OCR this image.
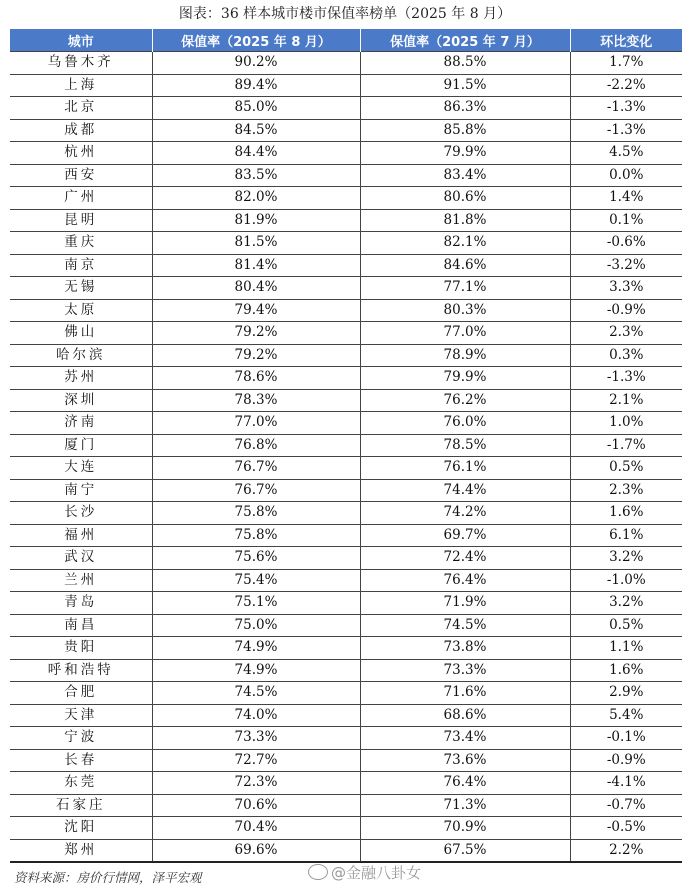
图表：36 样本城市楼市保值率榜单（2025 年 8 月）
城市	保值率（2025 年 8 月）	保值率（2025 年 7 月）	环比变化
乌鲁木齐	90.2%	88.5%	1.7%
上海	89.4%	91.5%	-2.2%
北京	85.0%	86.3%	-1.3%
成都	84.5%	85.8%	-1.3%
杭州	84.4%	79.9%	4.5%
西安	83.5%	83.4%	0.0%
广州	82.0%	80.6%	1.4%
昆明	81.9%	81.8%	0.1%
重庆	81.5%	82.1%	-0.6%
南京	81.4%	84.6%	-3.2%
无锡	80.4%	77.1%	3.3%
太原	79.4%	80.3%	-0.9%
佛山	79.2%	77.0%	2.3%
哈尔滨	79.2%	78.9%	0.3%
苏州	78.6%	79.9%	-1.3%
深圳	78.3%	76.2%	2.1%
济南	77.0%	76.0%	1.0%
厦门	76.8%	78.5%	-1.7%
大连	76.7%	76.1%	0.5%
南宁	76.7%	74.4%	2.3%
长沙	75.8%	74.2%	1.6%
福州	75.8%	69.7%	6.1%
武汉	75.6%	72.4%	3.2%
兰州	75.4%	76.4%	-1.0%
青岛	75.1%	71.9%	3.2%
南昌	75.0%	74.5%	0.5%
贵阳	74.9%	73.8%	1.1%
呼和浩特	74.9%	73.3%	1.6%
合肥	74.5%	71.6%	2.9%
天津	74.0%	68.6%	5.4%
宁波	73.3%	73.4%	-0.1%
长春	72.7%	73.6%	-0.9%
东莞	72.3%	76.4%	-4.1%
石家庄	70.6%	71.3%	-0.7%
沈阳	70.4%	70.9%	-0.5%
郑州	69.6%	67.5%	2.2%
资料来源：房价行情网，泽平宏观	@金融八卦女
